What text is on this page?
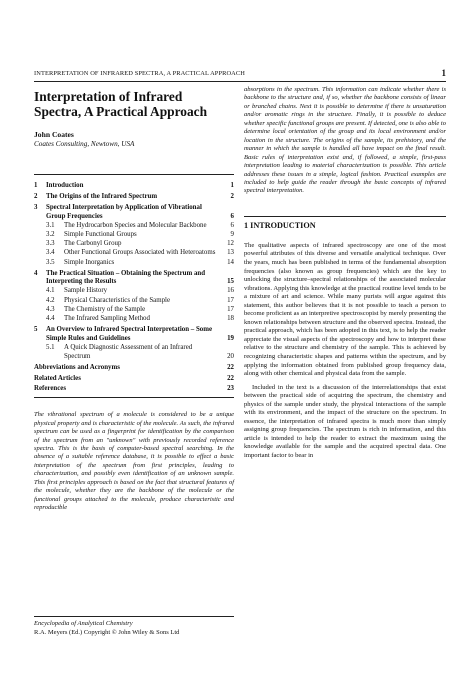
INTERPRETATION OF INFRARED SPECTRA, A PRACTICAL APPROACH	1
Interpretation of Infrared
Spectra, A Practical Approach
John Coates
Coates Consulting, Newtown, USA
1	Introduction	1
2	The Origins of the Infrared Spectrum	2
3	Spectral Interpretation by Application of Vibrational Group Frequencies	6
3.1	The Hydrocarbon Species and Molecular Backbone	6
3.2	Simple Functional Groups	9
3.3	The Carbonyl Group	12
3.4	Other Functional Groups Associated with Heteroatoms	13
3.5	Simple Inorganics	14
4	The Practical Situation – Obtaining the Spectrum and Interpreting the Results	15
4.1	Sample History	16
4.2	Physical Characteristics of the Sample	17
4.3	The Chemistry of the Sample	17
4.4	The Infrared Sampling Method	18
5	An Overview to Infrared Spectral Interpretation – Some Simple Rules and Guidelines	19
5.1	A Quick Diagnostic Assessment of an Infrared Spectrum	20
Abbreviations and Acronyms	22
Related Articles	22
References	23

The vibrational spectrum of a molecule is considered to be a unique physical property and is characteristic of the molecule. As such, the infrared spectrum can be used as a fingerprint for identification by the comparison of the spectrum from an "unknown" with previously recorded reference spectra. This is the basis of computer-based spectral searching. In the absence of a suitable reference database, it is possible to effect a basic interpretation of the spectrum from first principles, leading to characterization, and possibly even identification of an unknown sample. This first principles approach is based on the fact that structural features of the molecule, whether they are the backbone of the molecule or the functional groups attached to the molecule, produce characteristic and reproducible

Encyclopedia of Analytical Chemistry
R.A. Meyers (Ed.) Copyright © John Wiley & Sons Ltd

absorptions in the spectrum. This information can indicate whether there is backbone to the structure and, if so, whether the backbone consists of linear or branched chains. Next it is possible to determine if there is unsaturation and/or aromatic rings in the structure. Finally, it is possible to deduce whether specific functional groups are present. If detected, one is also able to determine local orientation of the group and its local environment and/or location in the structure. The origins of the sample, its prehistory, and the manner in which the sample is handled all have impact on the final result. Basic rules of interpretation exist and, if followed, a simple, first-pass interpretation leading to material characterization is possible. This article addresses these issues in a simple, logical fashion. Practical examples are included to help guide the reader through the basic concepts of infrared spectral interpretation.

1 INTRODUCTION

The qualitative aspects of infrared spectroscopy are one of the most powerful attributes of this diverse and versatile analytical technique. Over the years, much has been published in terms of the fundamental absorption frequencies (also known as group frequencies) which are the key to unlocking the structure–spectral relationships of the associated molecular vibrations. Applying this knowledge at the practical routine level tends to be a mixture of art and science. While many purists will argue against this statement, this author believes that it is not possible to teach a person to become proficient as an interpretive spectroscopist by merely presenting the known relationships between structure and the observed spectra. Instead, the practical approach, which has been adopted in this text, is to help the reader appreciate the visual aspects of the spectroscopy and how to interpret these relative to the structure and chemistry of the sample. This is achieved by recognizing characteristic shapes and patterns within the spectrum, and by applying the information obtained from published group frequency data, along with other chemical and physical data from the sample.

Included in the text is a discussion of the interrelationships that exist between the practical side of acquiring the spectrum, the chemistry and physics of the sample under study, the physical interactions of the sample with its environment, and the impact of the structure on the spectrum. In essence, the interpretation of infrared spectra is much more than simply assigning group frequencies. The spectrum is rich in information, and this article is intended to help the reader to extract the maximum using the knowledge available for the sample and the acquired spectral data. One important factor to bear in
